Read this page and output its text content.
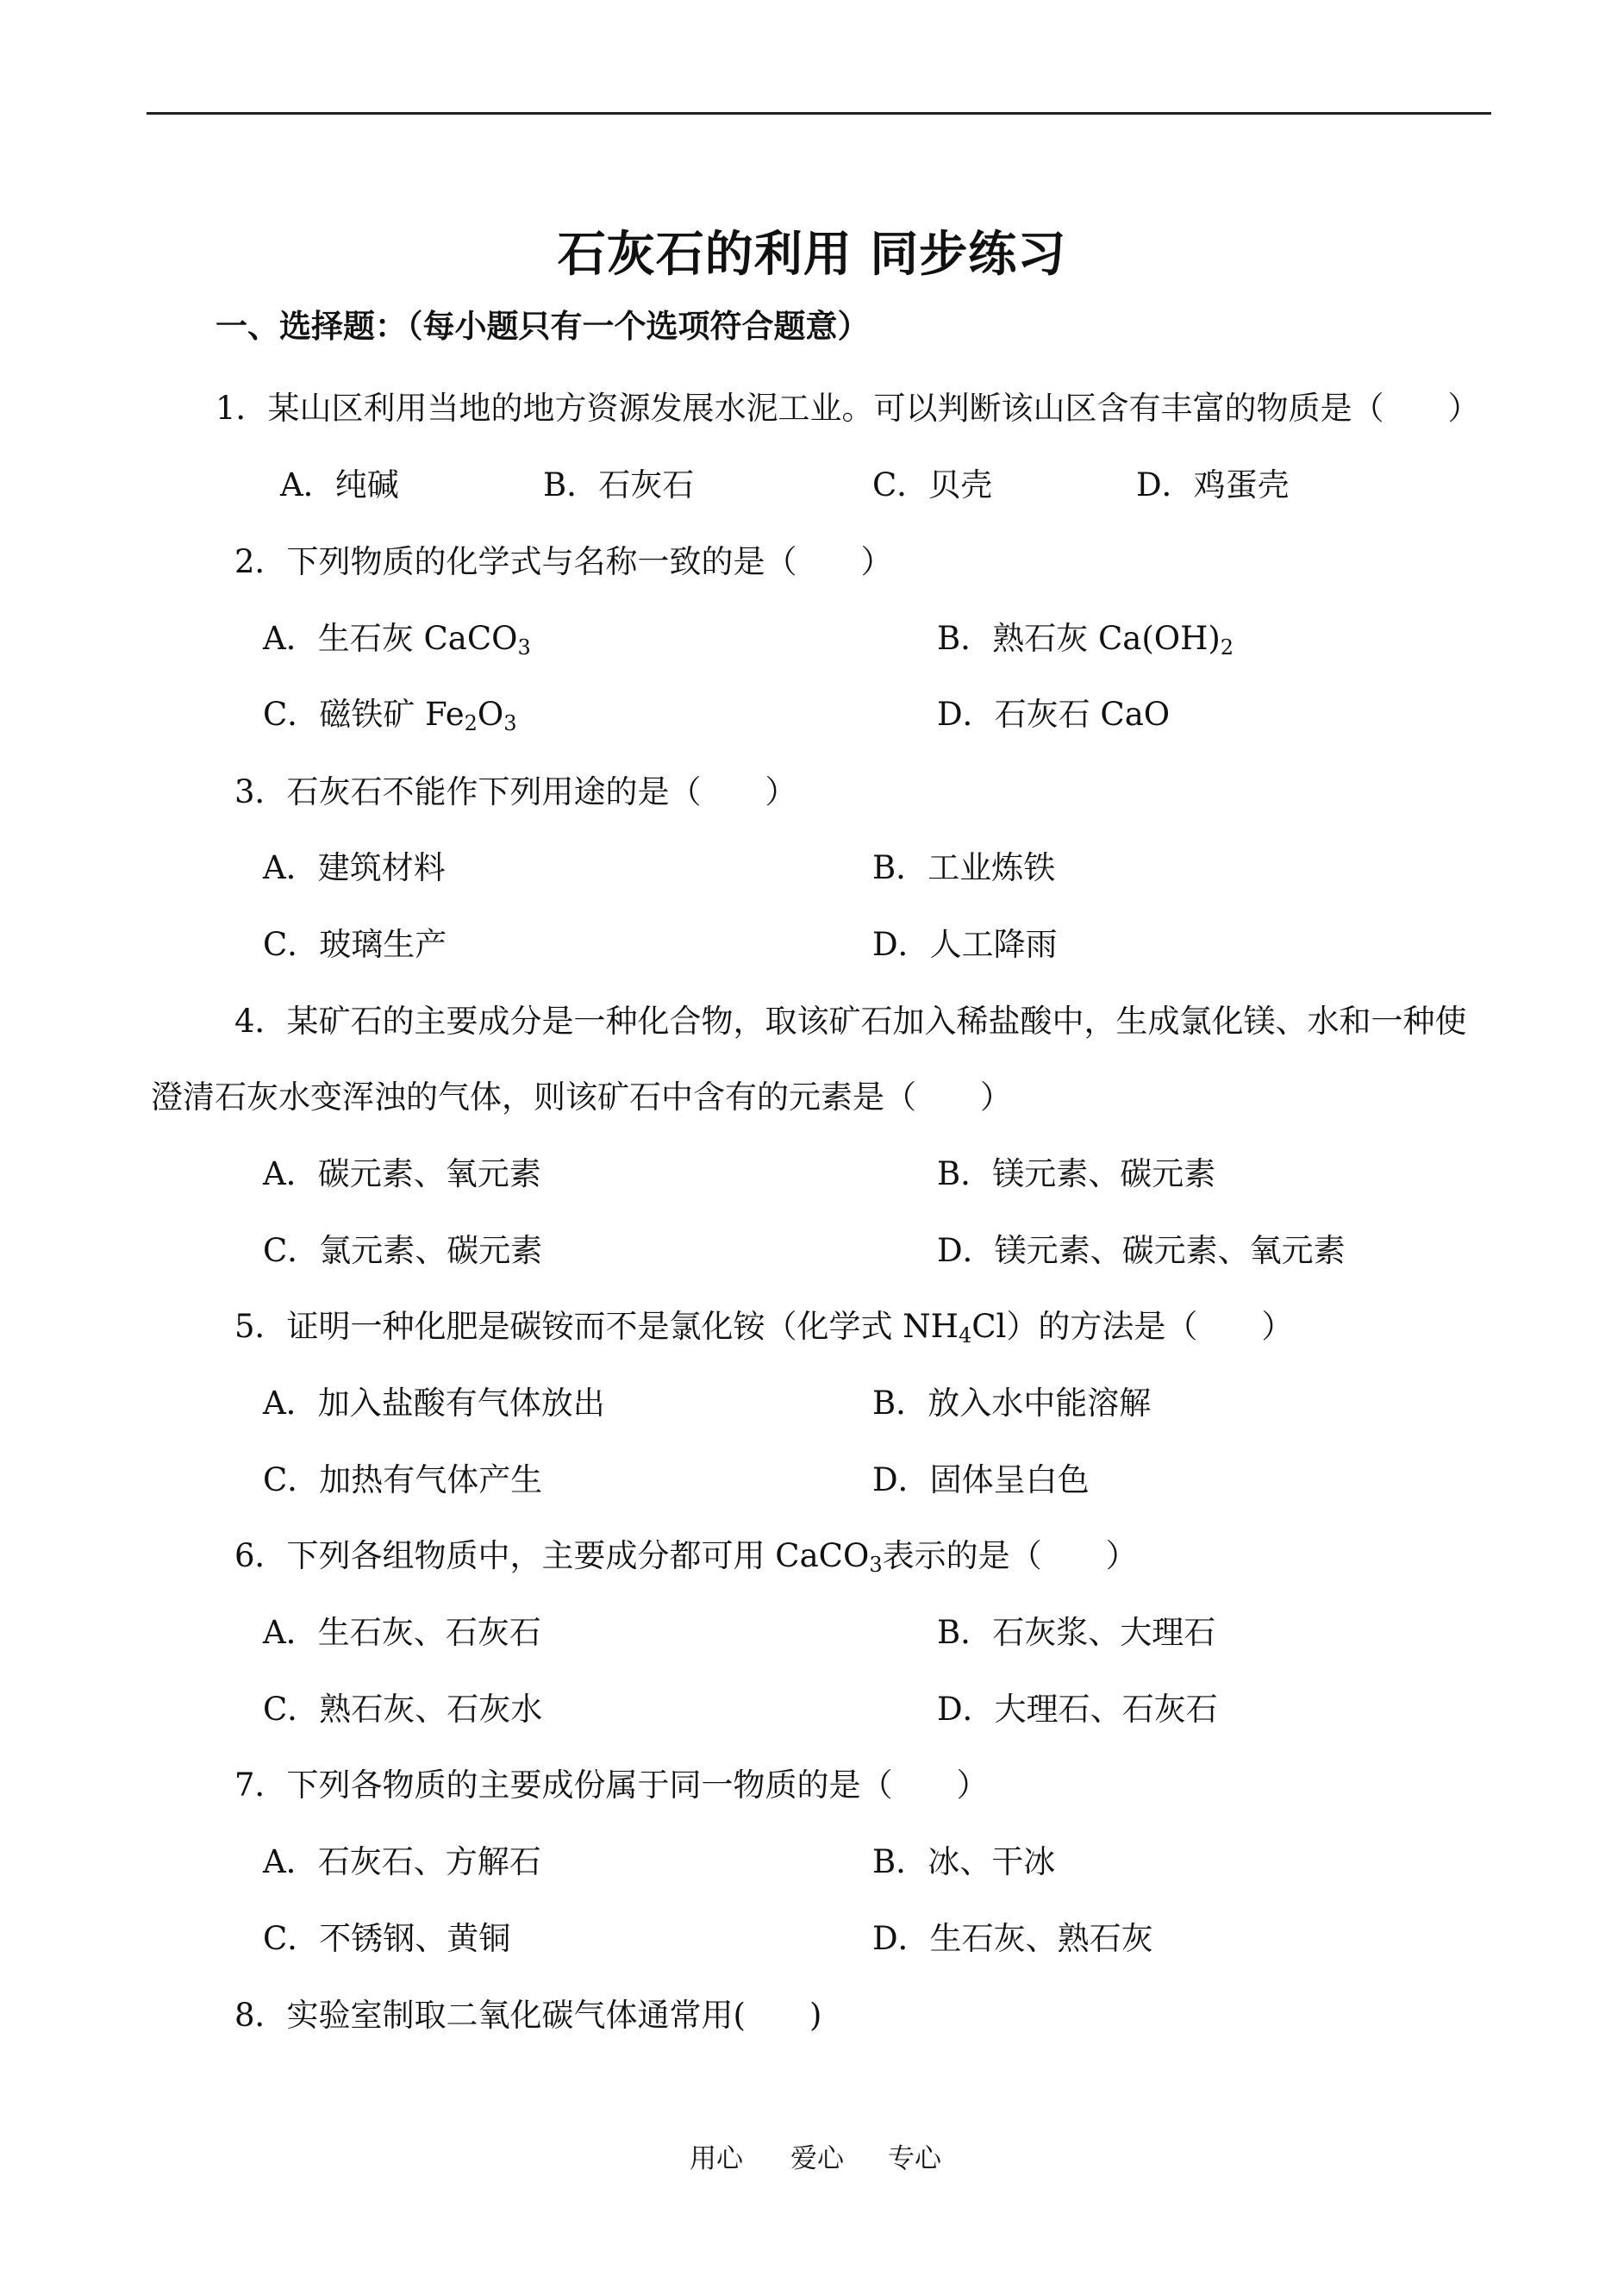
石灰石的利用 同步练习
一、选择题：（每小题只有一个选项符合题意）
1．某山区利用当地的地方资源发展水泥工业。可以判断该山区含有丰富的物质是（　　）
A．纯碱	B．石灰石	C．贝壳	D．鸡蛋壳
2．下列物质的化学式与名称一致的是（　　）
A．生石灰 CaCO$_3$	B．熟石灰 $Ca(OH)_2$
C．磁铁矿 $Fe_2O_3$	D．石灰石 CaO
3．石灰石不能作下列用途的是（　　）
A．建筑材料	B．工业炼铁
C．玻璃生产	D．人工降雨
4．某矿石的主要成分是一种化合物，取该矿石加入稀盐酸中，生成氯化镁、水和一种使
澄清石灰水变浑浊的气体，则该矿石中含有的元素是（　　）
A．碳元素、氧元素	B．镁元素、碳元素
C．氯元素、碳元素	D．镁元素、碳元素、氧元素
5．证明一种化肥是碳铵而不是氯化铵（化学式 $NH_4Cl$）的方法是（　　）
A．加入盐酸有气体放出	B．放入水中能溶解
C．加热有气体产生	D．固体呈白色
6．下列各组物质中，主要成分都可用 CaCO$_3$表示的是（　　）
A．生石灰、石灰石	B．石灰浆、大理石
C．熟石灰、石灰水	D．大理石、石灰石
7．下列各物质的主要成份属于同一物质的是（　　）
A．石灰石、方解石	B．冰、干冰
C．不锈钢、黄铜	D．生石灰、熟石灰
8．实验室制取二氧化碳气体通常用(　　)
用心 爱心 专心
